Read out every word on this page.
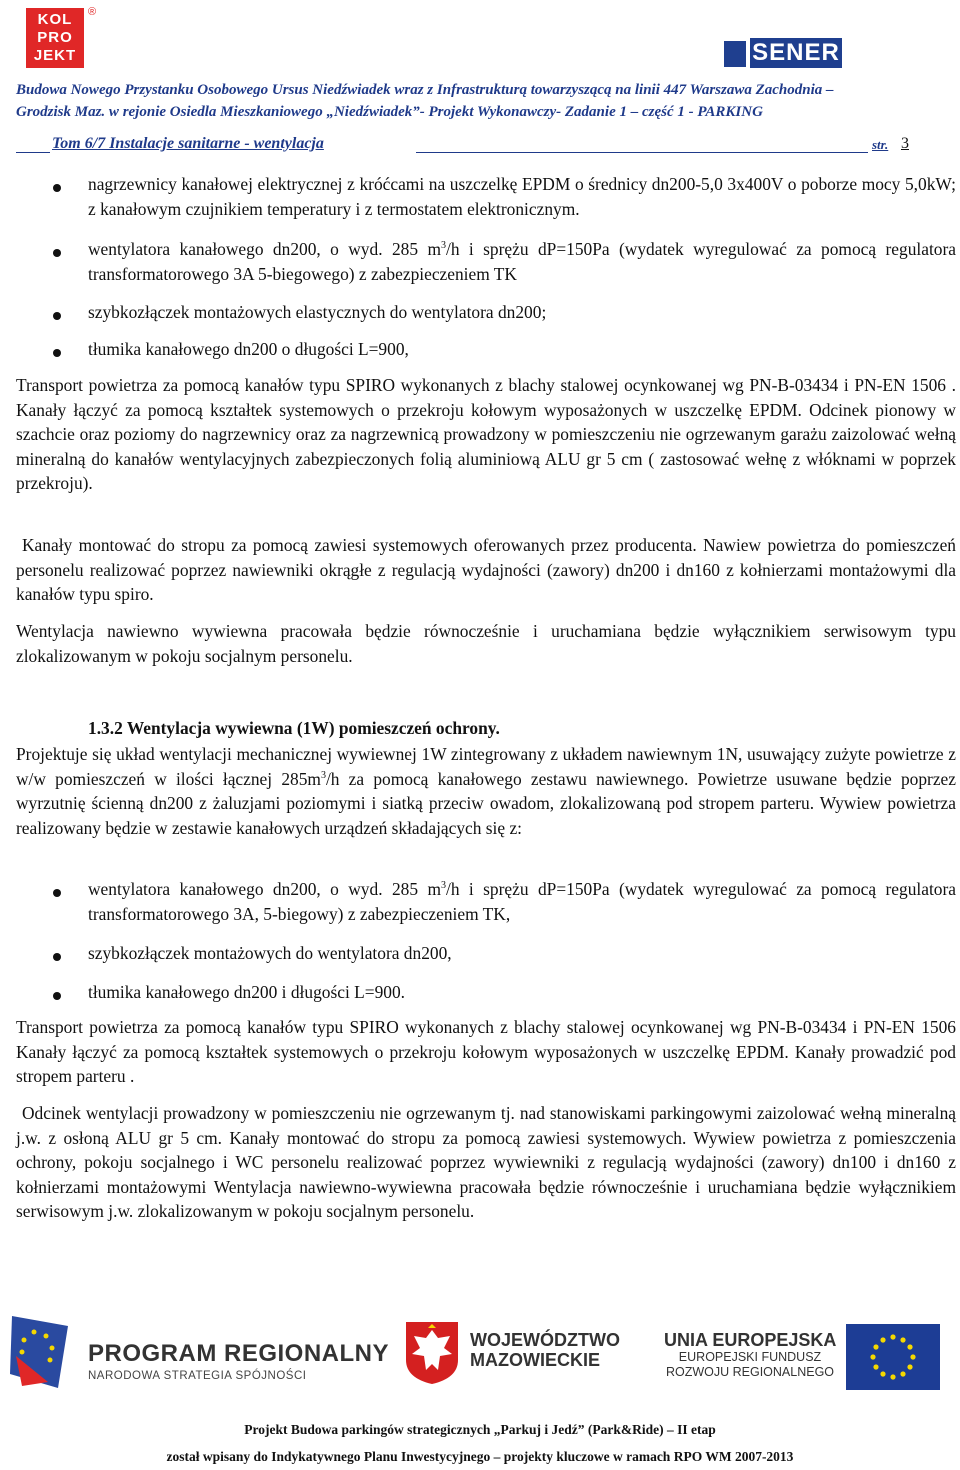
KOL
PRO
JEKT
®
SENER
Budowa Nowego Przystanku Osobowego Ursus Niedźwiadek wraz z Infrastrukturą towarzyszącą na linii 447 Warszawa Zachodnia –
Grodzisk Maz. w rejonie Osiedla Mieszkaniowego „Niedźwiadek”- Projekt Wykonawczy- Zadanie 1 – część 1 - PARKING
Tom 6/7 Instalacje sanitarne - wentylacja	str. 3
nagrzewnicy kanałowej elektrycznej z króćcami na uszczelkę EPDM o średnicy dn200-5,0 3x400V o poborze mocy 5,0kW; z kanałowym czujnikiem temperatury i z termostatem elektronicznym.
wentylatora kanałowego dn200, o wyd. 285 $m^3/h$ i sprężu dP=150Pa (wydatek wyregulować za pomocą regulatora transformatorowego 3A 5-biegowego) z zabezpieczeniem TK
szybkozłączek montażowych elastycznych do wentylatora dn200;
tłumika kanałowego dn200 o długości L=900,
Transport powietrza za pomocą kanałów typu SPIRO wykonanych z blachy stalowej ocynkowanej wg PN-B-03434 i PN-EN 1506 . Kanały łączyć za pomocą kształtek systemowych o przekroju kołowym wyposażonych w uszczelkę EPDM. Odcinek pionowy w szachcie oraz poziomy do nagrzewnicy oraz za nagrzewnicą prowadzony w pomieszczeniu nie ogrzewanym garażu zaizolować wełną mineralną do kanałów wentylacyjnych zabezpieczonych folią aluminiową ALU gr 5 cm ( zastosować wełnę z włóknami w poprzek przekroju).
Kanały montować do stropu za pomocą zawiesi systemowych oferowanych przez producenta. Nawiew powietrza do pomieszczeń personelu realizować poprzez nawiewniki okrągłe z regulacją wydajności (zawory) dn200 i dn160 z kołnierzami montażowymi dla kanałów typu spiro.
Wentylacja nawiewno wywiewna pracowała będzie równocześnie i uruchamiana będzie wyłącznikiem serwisowym typu zlokalizowanym w pokoju socjalnym personelu.
1.3.2 Wentylacja wywiewna (1W) pomieszczeń ochrony.
Projektuje się układ wentylacji mechanicznej wywiewnej 1W zintegrowany z układem nawiewnym 1N, usuwający zużyte powietrze z w/w pomieszczeń w ilości łącznej $285m^3/h$ za pomocą kanałowego zestawu nawiewnego. Powietrze usuwane będzie poprzez wyrzutnię ścienną dn200 z żaluzjami poziomymi i siatką przeciw owadom, zlokalizowaną pod stropem parteru. Wywiew powietrza realizowany będzie w zestawie kanałowych urządzeń składających się z:
wentylatora kanałowego dn200, o wyd. 285 $m^3/h$ i sprężu dP=150Pa (wydatek wyregulować za pomocą regulatora transformatorowego 3A, 5-biegowy) z zabezpieczeniem TK,
szybkozłączek montażowych do wentylatora dn200,
tłumika kanałowego dn200 i długości L=900.
Transport powietrza za pomocą kanałów typu SPIRO wykonanych z blachy stalowej ocynkowanej wg PN-B-03434 i PN-EN 1506 Kanały łączyć za pomocą kształtek systemowych o przekroju kołowym wyposażonych w uszczelkę EPDM. Kanały prowadzić pod stropem parteru .
Odcinek wentylacji prowadzony w pomieszczeniu nie ogrzewanym tj. nad stanowiskami parkingowymi zaizolować wełną mineralną j.w. z osłoną ALU gr 5 cm. Kanały montować do stropu za pomocą zawiesi systemowych. Wywiew powietrza z pomieszczenia ochrony, pokoju socjalnego i WC personelu realizować poprzez wywiewniki z regulacją wydajności (zawory) dn100 i dn160 z kołnierzami montażowymi Wentylacja nawiewno-wywiewna pracowała będzie równocześnie i uruchamiana będzie wyłącznikiem serwisowym j.w. zlokalizowanym w pokoju socjalnym personelu.
PROGRAM REGIONALNY
NARODOWA STRATEGIA SPÓJNOŚCI
WOJEWÓDZTWO
MAZOWIECKIE
UNIA EUROPEJSKA
EUROPEJSKI FUNDUSZ
ROZWOJU REGIONALNEGO
Projekt Budowa parkingów strategicznych „Parkuj i Jedź” (Park&Ride) – II etap
został wpisany do Indykatywnego Planu Inwestycyjnego – projekty kluczowe w ramach RPO WM 2007-2013
